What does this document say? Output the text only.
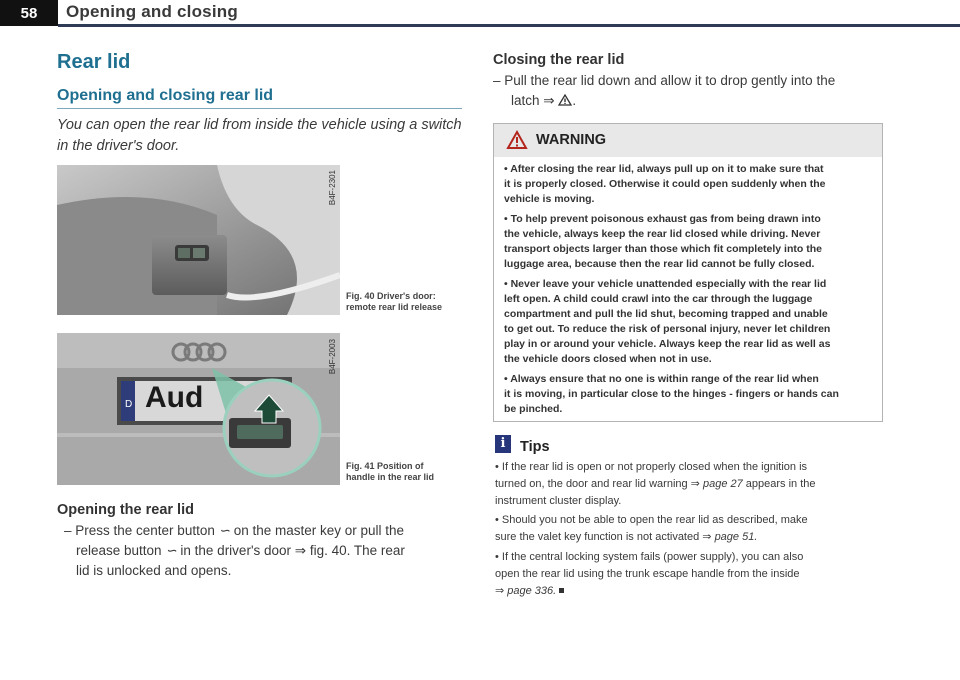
58	Opening and closing
Rear lid
Opening and closing rear lid
You can open the rear lid from inside the vehicle using a switch in the driver's door.
B4F-2301
Fig. 40 Driver's door:
remote rear lid release
Aud
D
B4F-2003
Fig. 41 Position of
handle in the rear lid
Opening the rear lid
– Press the center button ∽ on the master key or pull the
release button ∽ in the driver's door ⇒ fig. 40. The rear
lid is unlocked and opens.
Closing the rear lid
– Pull the rear lid down and allow it to drop gently into the
latch ⇒ .
WARNING
• After closing the rear lid, always pull up on it to make sure that
it is properly closed. Otherwise it could open suddenly when the
vehicle is moving.
• To help prevent poisonous exhaust gas from being drawn into
the vehicle, always keep the rear lid closed while driving. Never
transport objects larger than those which fit completely into the
luggage area, because then the rear lid cannot be fully closed.
• Never leave your vehicle unattended especially with the rear lid
left open. A child could crawl into the car through the luggage
compartment and pull the lid shut, becoming trapped and unable
to get out. To reduce the risk of personal injury, never let children
play in or around your vehicle. Always keep the rear lid as well as
the vehicle doors closed when not in use.
• Always ensure that no one is within range of the rear lid when
it is moving, in particular close to the hinges - fingers or hands can
be pinched.
i	Tips
• If the rear lid is open or not properly closed when the ignition is
turned on, the door and rear lid warning ⇒ page 27 appears in the
instrument cluster display.
• Should you not be able to open the rear lid as described, make
sure the valet key function is not activated ⇒ page 51.
• If the central locking system fails (power supply), you can also
open the rear lid using the trunk escape handle from the inside
⇒ page 336.
